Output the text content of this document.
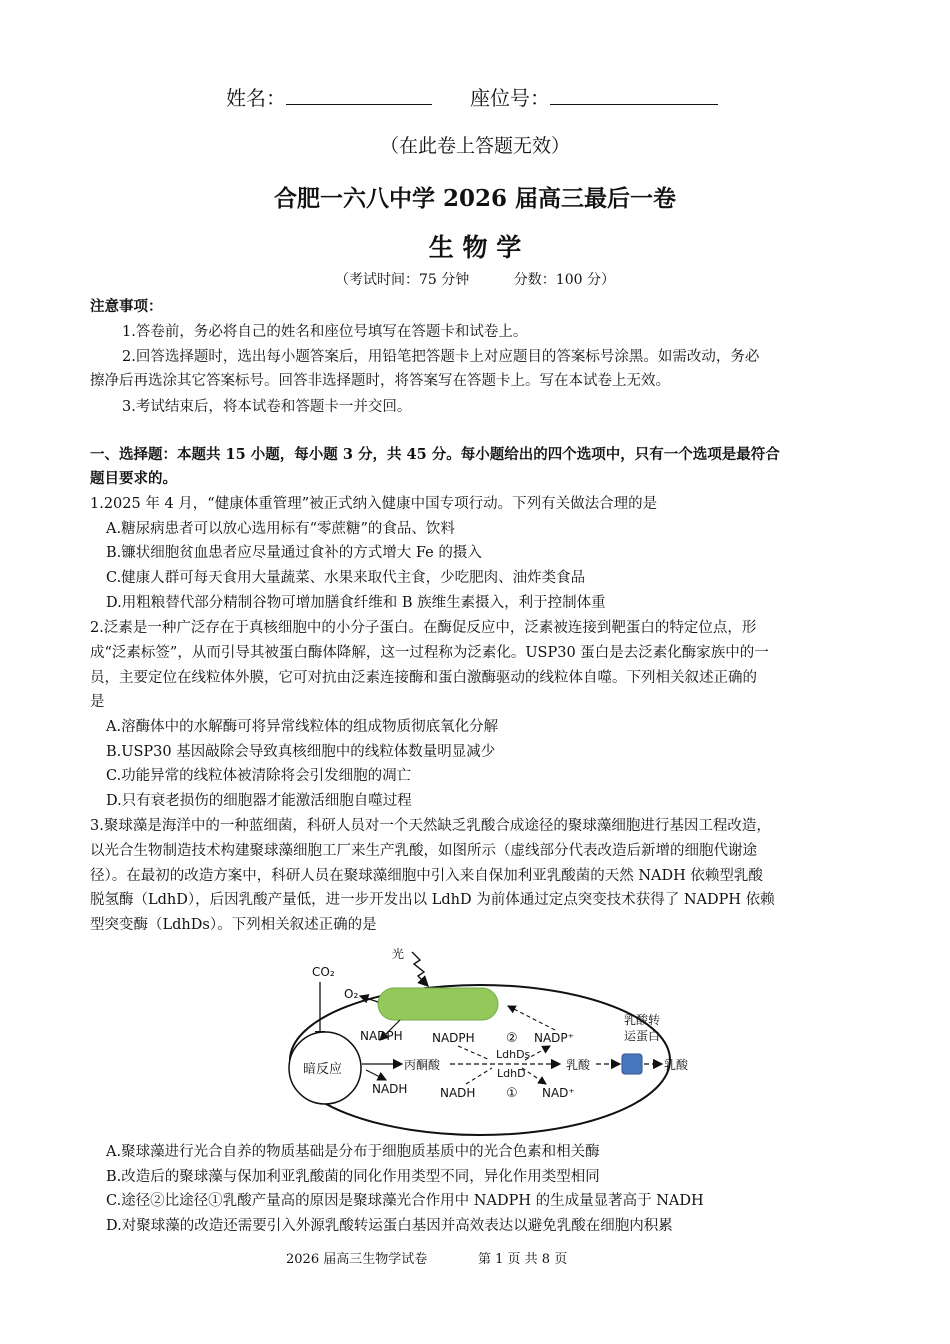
姓名：	座位号：
（在此卷上答题无效）
合肥一六八中学 2026 届高三最后一卷
生 物 学
（考试时间：75 分钟          分数：100 分）
注意事项：
1.答卷前，务必将自己的姓名和座位号填写在答题卡和试卷上。
2.回答选择题时，选出每小题答案后，用铅笔把答题卡上对应题目的答案标号涂黑。如需改动，务必
擦净后再选涂其它答案标号。回答非选择题时，将答案写在答题卡上。写在本试卷上无效。
3.考试结束后，将本试卷和答题卡一并交回。
一、选择题：本题共 15 小题，每小题 3 分，共 45 分。每小题给出的四个选项中，只有一个选项是最符合
题目要求的。
1.2025 年 4 月，“健康体重管理”被正式纳入健康中国专项行动。下列有关做法合理的是
A.糖尿病患者可以放心选用标有“零蔗糖”的食品、饮料
B.镰状细胞贫血患者应尽量通过食补的方式增大 Fe 的摄入
C.健康人群可每天食用大量蔬菜、水果来取代主食，少吃肥肉、油炸类食品
D.用粗粮替代部分精制谷物可增加膳食纤维和 B 族维生素摄入，利于控制体重
2.泛素是一种广泛存在于真核细胞中的小分子蛋白。在酶促反应中，泛素被连接到靶蛋白的特定位点，形
成“泛素标签”，从而引导其被蛋白酶体降解，这一过程称为泛素化。USP30 蛋白是去泛素化酶家族中的一
员，主要定位在线粒体外膜，它可对抗由泛素连接酶和蛋白激酶驱动的线粒体自噬。下列相关叙述正确的
是
A.溶酶体中的水解酶可将异常线粒体的组成物质彻底氧化分解
B.USP30 基因敲除会导致真核细胞中的线粒体数量明显减少
C.功能异常的线粒体被清除将会引发细胞的凋亡
D.只有衰老损伤的细胞器才能激活细胞自噬过程
3.聚球藻是海洋中的一种蓝细菌，科研人员对一个天然缺乏乳酸合成途径的聚球藻细胞进行基因工程改造，
以光合生物制造技术构建聚球藻细胞工厂来生产乳酸，如图所示（虚线部分代表改造后新增的细胞代谢途
径）。在最初的改造方案中，科研人员在聚球藻细胞中引入来自保加利亚乳酸菌的天然 NADH 依赖型乳酸
脱氢酶（LdhD），后因乳酸产量低，进一步开发出以 LdhD 为前体通过定点突变技术获得了 NADPH 依赖
型突变酶（LdhDs）。下列相关叙述正确的是
光
CO₂
O₂
NADPH
暗反应	丙酮酸
NADH
NADPH ② NADP⁺
LdhDs
LdhD
NADH ① NAD⁺
乳酸
乳酸转
运蛋白
乳酸
A.聚球藻进行光合自养的物质基础是分布于细胞质基质中的光合色素和相关酶
B.改造后的聚球藻与保加利亚乳酸菌的同化作用类型不同，异化作用类型相同
C.途径②比途径①乳酸产量高的原因是聚球藻光合作用中 NADPH 的生成量显著高于 NADH
D.对聚球藻的改造还需要引入外源乳酸转运蛋白基因并高效表达以避免乳酸在细胞内积累
2026 届高三生物学试卷	第 1 页 共 8 页
